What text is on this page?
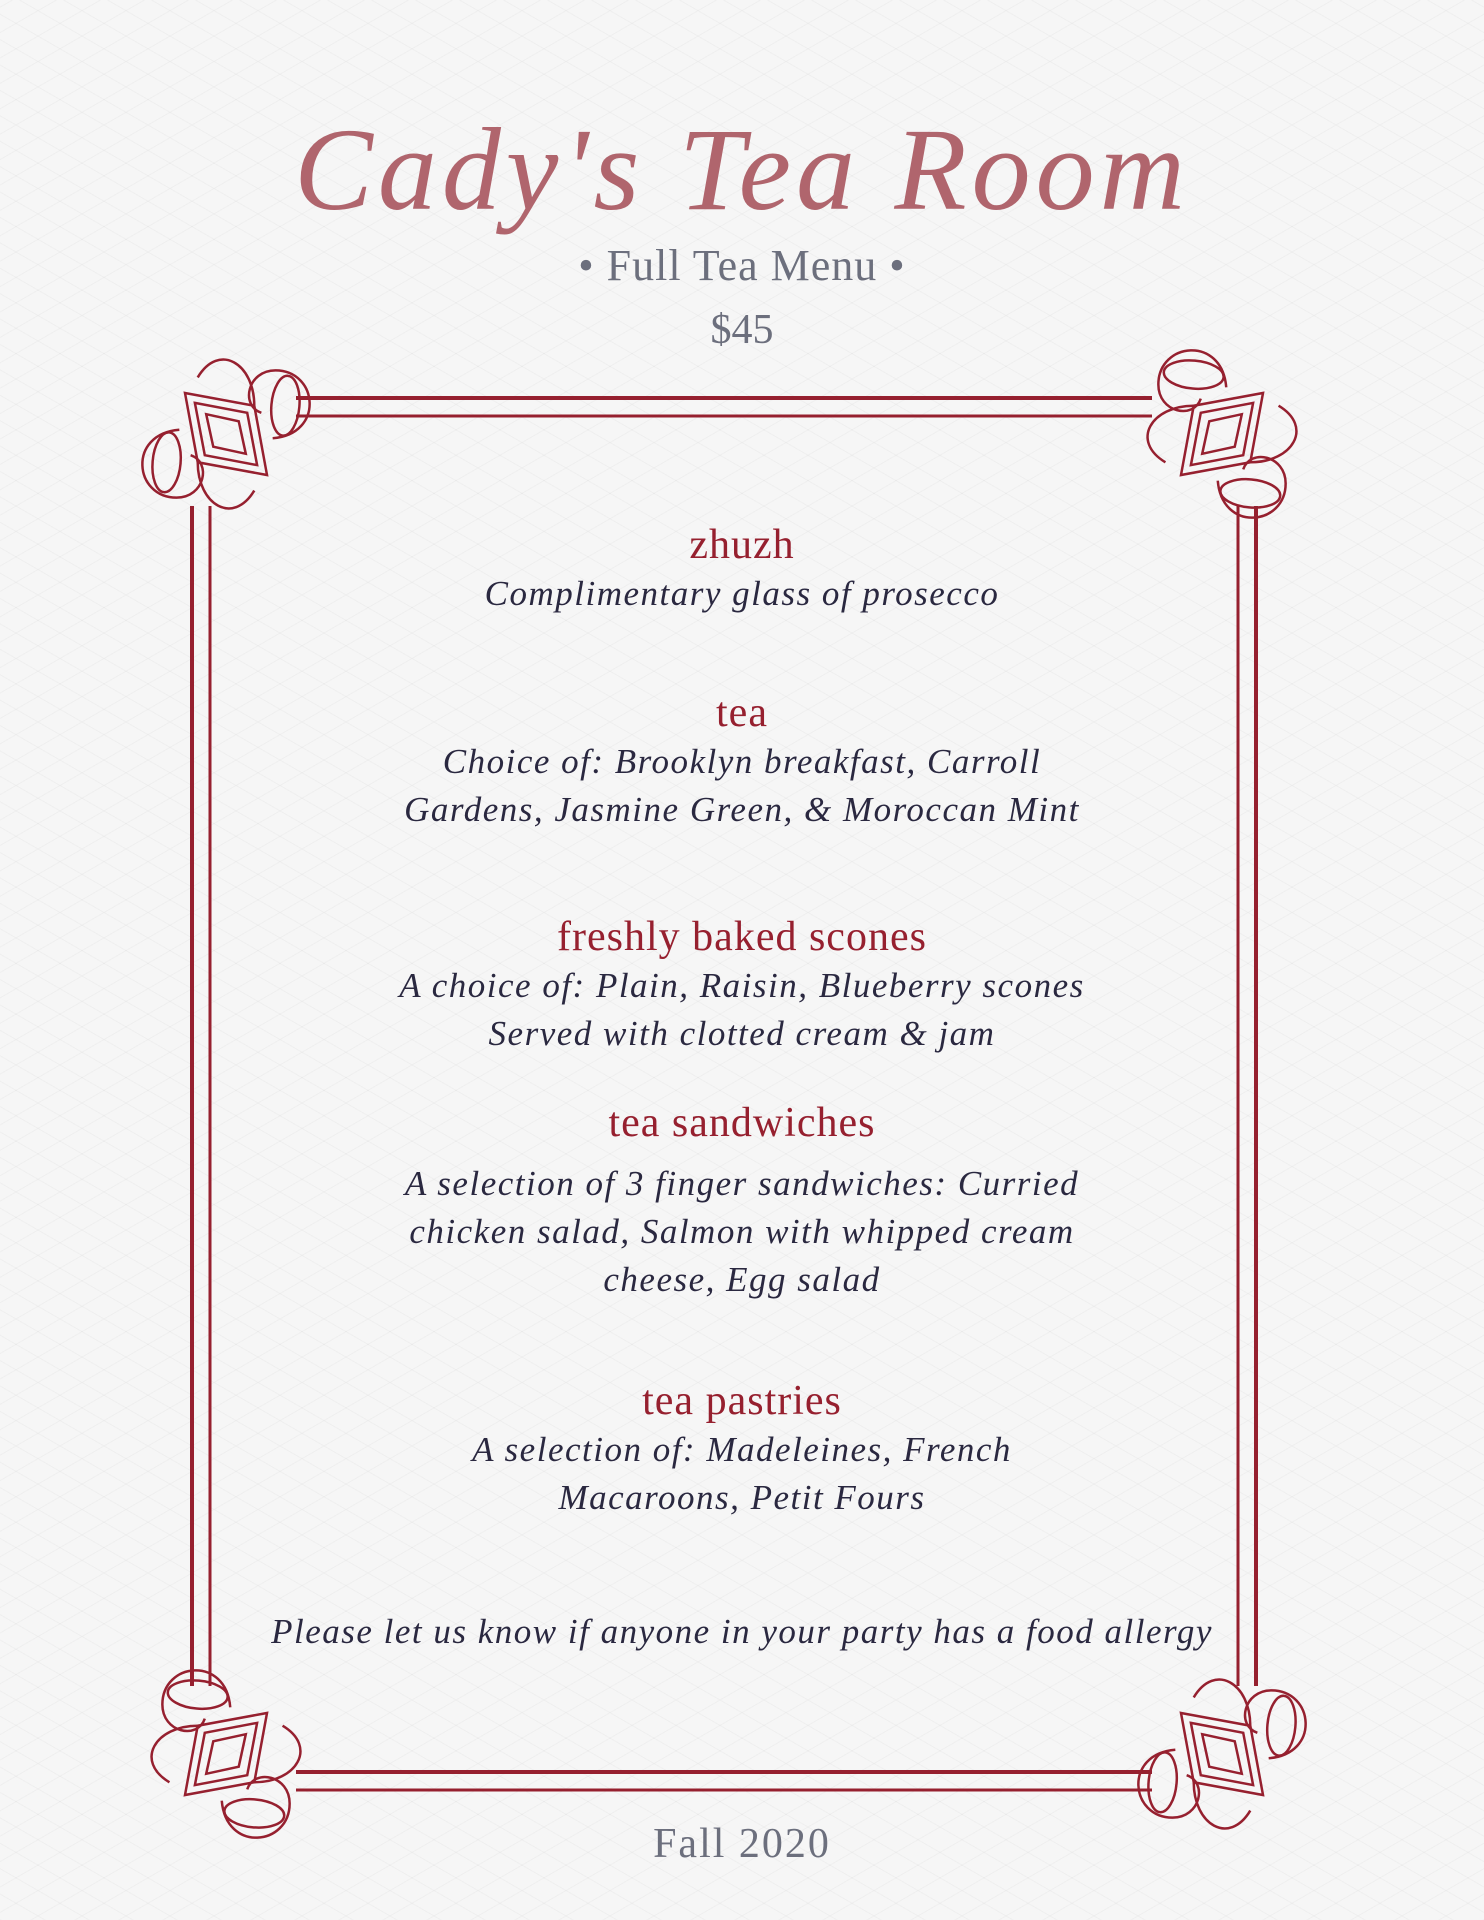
Cady's Tea Room
• Full Tea Menu •
$45
zhuzh
Complimentary glass of prosecco
tea
Choice of: Brooklyn breakfast, Carroll
Gardens, Jasmine Green, & Moroccan Mint
freshly baked scones
A choice of: Plain, Raisin, Blueberry scones
Served with clotted cream & jam
tea sandwiches
A selection of 3 finger sandwiches: Curried
chicken salad, Salmon with whipped cream
cheese, Egg salad
tea pastries
A selection of: Madeleines, French
Macaroons, Petit Fours
Please let us know if anyone in your party has a food allergy
Fall 2020
